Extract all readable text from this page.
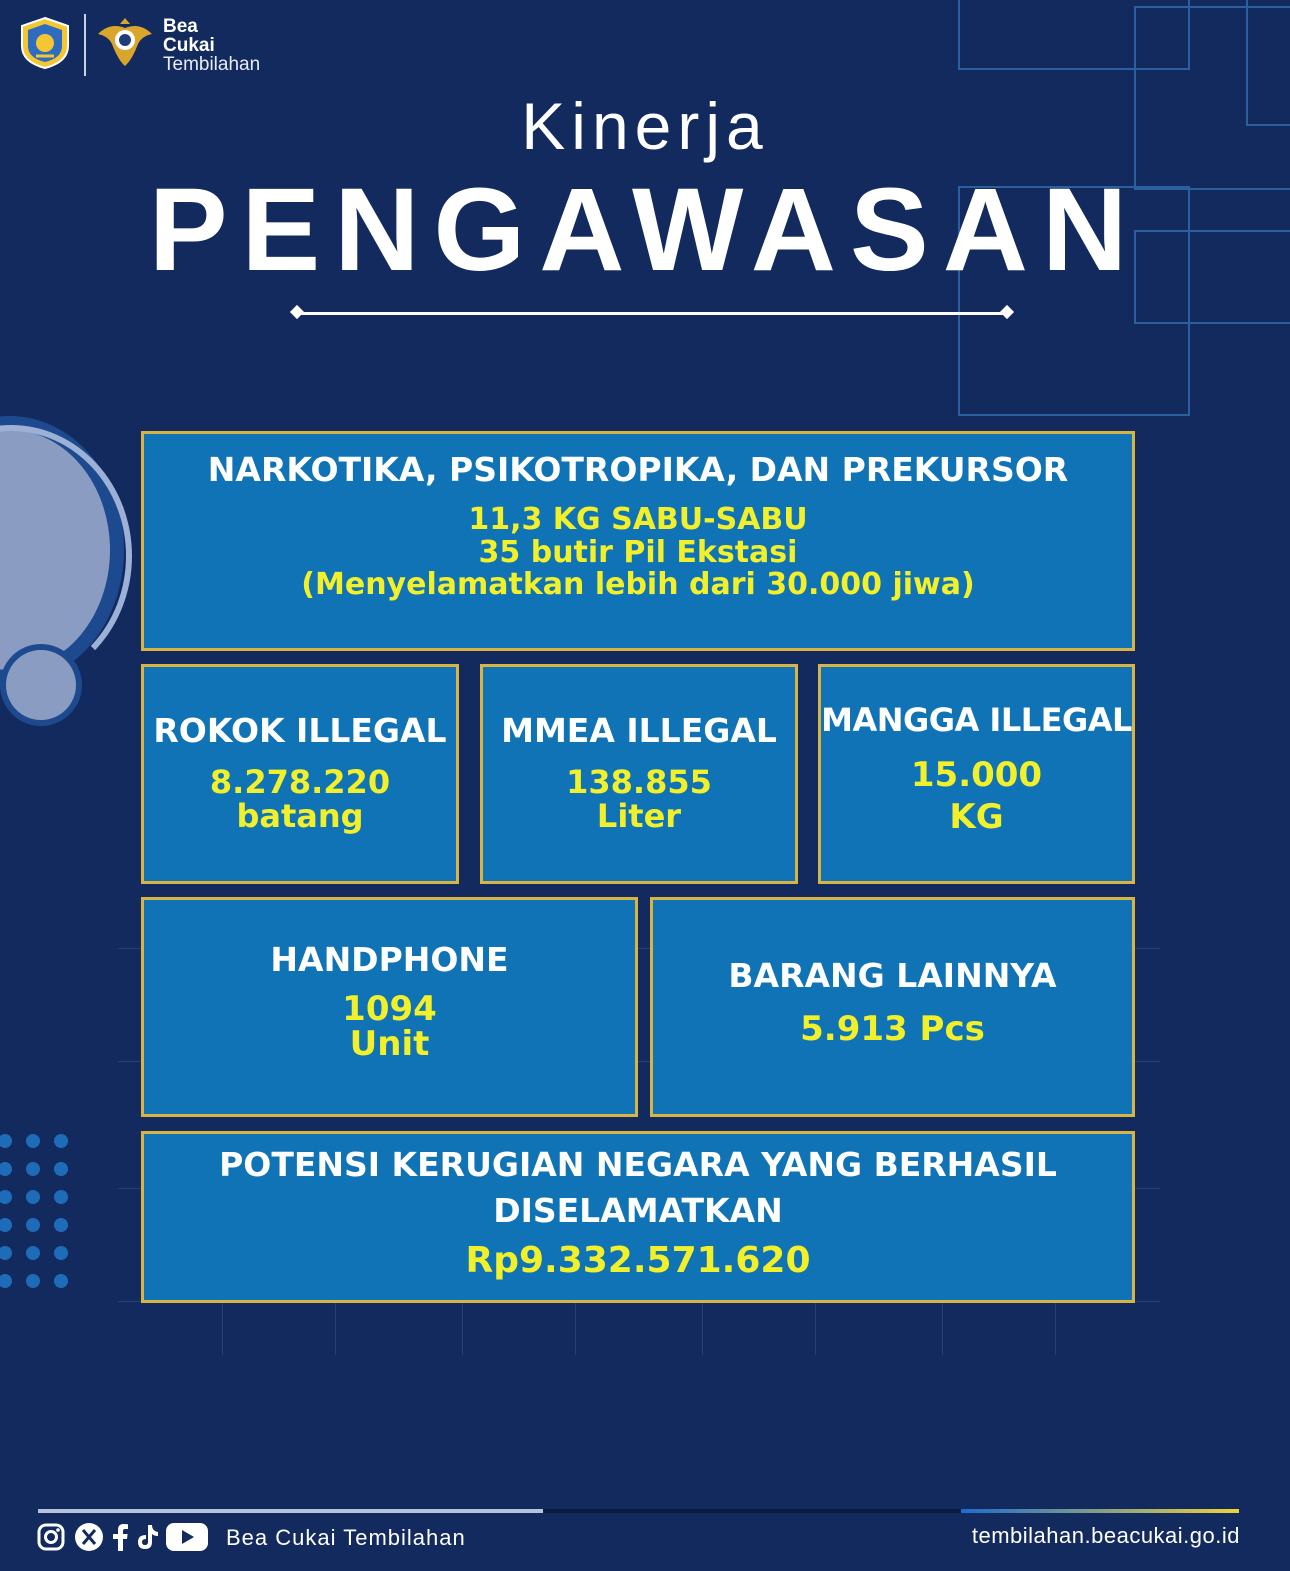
Bea
Cukai
Tembilahan
Kinerja
PENGAWASAN
NARKOTIKA, PSIKOTROPIKA, DAN PREKURSOR
11,3 KG SABU-SABU
35 butir Pil Ekstasi
(Menyelamatkan lebih dari 30.000 jiwa)
ROKOK ILLEGAL
8.278.220
batang
MMEA ILLEGAL
138.855
Liter
MANGGA ILLEGAL
15.000
KG
HANDPHONE
1094
Unit
BARANG LAINNYA
5.913 Pcs
POTENSI KERUGIAN NEGARA YANG BERHASIL
DISELAMATKAN
Rp9.332.571.620
Bea Cukai Tembilahan	tembilahan.beacukai.go.id
